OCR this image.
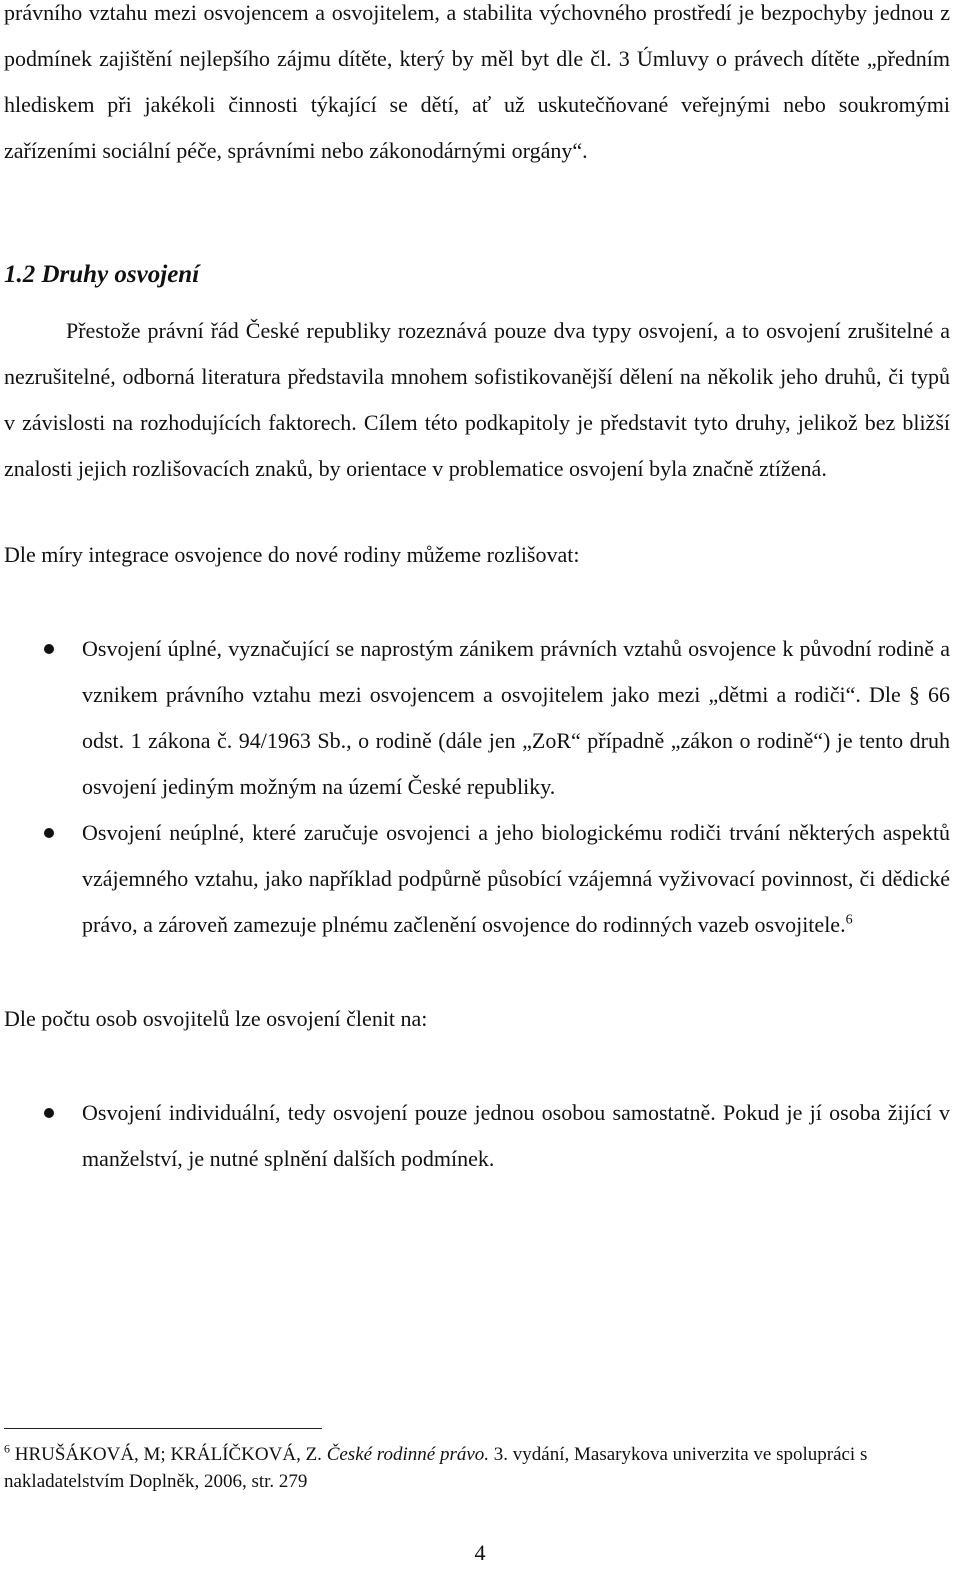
právního vztahu mezi osvojencem a osvojitelem, a stabilita výchovného prostředí je bezpochyby jednou z podmínek zajištění nejlepšího zájmu dítěte, který by měl byt dle čl. 3 Úmluvy o právech dítěte „předním hlediskem při jakékoli činnosti týkající se dětí, ať už uskutečňované veřejnými nebo soukromými zařízeními sociální péče, správními nebo zákonodárnými orgány“.

1.2 Druhy osvojení

Přestože právní řád České republiky rozeznává pouze dva typy osvojení, a to osvojení zrušitelné a nezrušitelné, odborná literatura představila mnohem sofistikovanější dělení na několik jeho druhů, či typů v závislosti na rozhodujících faktorech. Cílem této podkapitoly je představit tyto druhy, jelikož bez bližší znalosti jejich rozlišovacích znaků, by orientace v problematice osvojení byla značně ztížená.

Dle míry integrace osvojence do nové rodiny můžeme rozlišovat:

Osvojení úplné, vyznačující se naprostým zánikem právních vztahů osvojence k původní rodině a vznikem právního vztahu mezi osvojencem a osvojitelem jako mezi „dětmi a rodiči“. Dle § 66 odst. 1 zákona č. 94/1963 Sb., o rodině (dále jen „ZoR“ případně „zákon o rodině“) je tento druh osvojení jediným možným na území České republiky.
Osvojení neúplné, které zaručuje osvojenci a jeho biologickému rodiči trvání některých aspektů vzájemného vztahu, jako například podpůrně působící vzájemná vyživovací povinnost, či dědické právo, a zároveň zamezuje plnému začlenění osvojence do rodinných vazeb osvojitele.$^6$

Dle počtu osob osvojitelů lze osvojení členit na:

Osvojení individuální, tedy osvojení pouze jednou osobou samostatně. Pokud je jí osoba žijící v manželství, je nutné splnění dalších podmínek.

$^6$ HRUŠÁKOVÁ, M; KRÁLÍČKOVÁ, Z. České rodinné právo. 3. vydání, Masarykova univerzita ve spolupráci s nakladatelstvím Doplněk, 2006, str. 279

4
